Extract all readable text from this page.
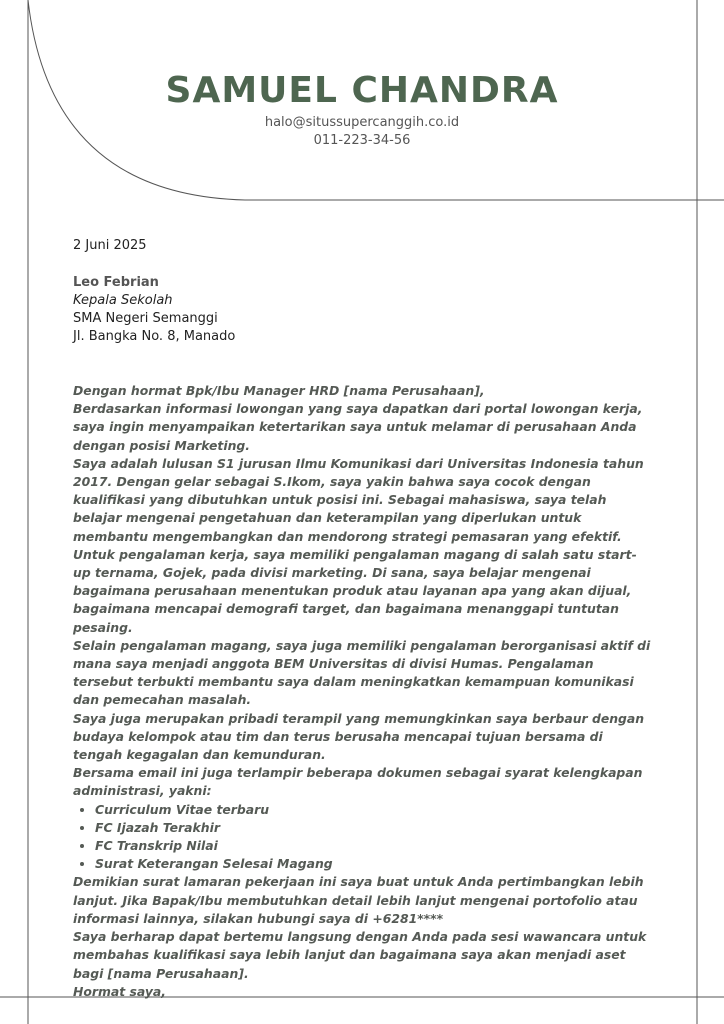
SAMUEL CHANDRA
halo@situssupercanggih.co.id
011-223-34-56
2 Juni 2025
Leo Febrian
Kepala Sekolah
SMA Negeri Semanggi
Jl. Bangka No. 8, Manado

Dengan hormat Bpk/Ibu Manager HRD [nama Perusahaan],

Berdasarkan informasi lowongan yang saya dapatkan dari portal lowongan kerja, saya ingin menyampaikan ketertarikan saya untuk melamar di perusahaan Anda dengan posisi Marketing.

Saya adalah lulusan S1 jurusan Ilmu Komunikasi dari Universitas Indonesia tahun 2017. Dengan gelar sebagai S.Ikom, saya yakin bahwa saya cocok dengan kualifikasi yang dibutuhkan untuk posisi ini. Sebagai mahasiswa, saya telah belajar mengenai pengetahuan dan keterampilan yang diperlukan untuk membantu mengembangkan dan mendorong strategi pemasaran yang efektif.

Untuk pengalaman kerja, saya memiliki pengalaman magang di salah satu start-up ternama, Gojek, pada divisi marketing. Di sana, saya belajar mengenai bagaimana perusahaan menentukan produk atau layanan apa yang akan dijual, bagaimana mencapai demografi target, dan bagaimana menanggapi tuntutan pesaing.

Selain pengalaman magang, saya juga memiliki pengalaman berorganisasi aktif di mana saya menjadi anggota BEM Universitas di divisi Humas. Pengalaman tersebut terbukti membantu saya dalam meningkatkan kemampuan komunikasi dan pemecahan masalah.

Saya juga merupakan pribadi terampil yang memungkinkan saya berbaur dengan budaya kelompok atau tim dan terus berusaha mencapai tujuan bersama di tengah kegagalan dan kemunduran.

Bersama email ini juga terlampir beberapa dokumen sebagai syarat kelengkapan administrasi, yakni:

• Curriculum Vitae terbaru
• FC Ijazah Terakhir
• FC Transkrip Nilai
• Surat Keterangan Selesai Magang

Demikian surat lamaran pekerjaan ini saya buat untuk Anda pertimbangkan lebih lanjut. Jika Bapak/Ibu membutuhkan detail lebih lanjut mengenai portofolio atau informasi lainnya, silakan hubungi saya di +6281****

Saya berharap dapat bertemu langsung dengan Anda pada sesi wawancara untuk membahas kualifikasi saya lebih lanjut dan bagaimana saya akan menjadi aset bagi [nama Perusahaan].

Hormat saya,
